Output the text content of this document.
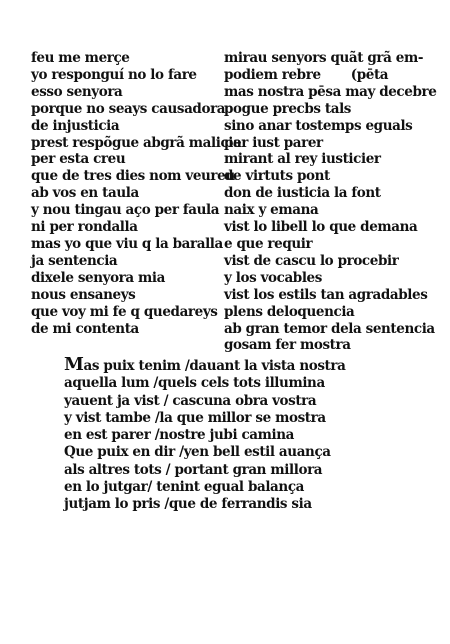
feu me merçe
yo responguí no lo fare
esso senyora
porque no seays causadora
de injusticia
prest respõgue abgrã malicia
per esta creu
que de tres dies nom veureu
ab vos en taula
y nou tingau aço per faula
ni per rondalla
mas yo que viu q la baralla
ja sentencia
dixele senyora mia
nous ensaneys
que voy mi fe q quedareys
de mi contenta
mirau senyors quãt grã em-
podiem rebre       (pēta
mas nostra pēsa may decebre
pogue precbs tals
sino anar tostemps eguals
per iust parer
mirant al rey iusticier
de virtuts pont
don de iusticia la font
naix y emana
vist lo libell lo que demana
e que requir
vist de cascu lo procebir
y los vocables
vist los estils tan agradables
plens deloquencia
ab gran temor dela sentencia
gosam fer mostra
Mas puix tenim /dauant la vista nostra
aquella lum /quels cels tots illumina
yauent ja vist / cascuna obra vostra
y vist tambe /la que millor se mostra
en est parer /nostre jubi camina
Que puix en dir /yen bell estil auança
als altres tots / portant gran millora
en lo jutgar/ tenint egual balança
jutjam lo pris /que de ferrandis sia
